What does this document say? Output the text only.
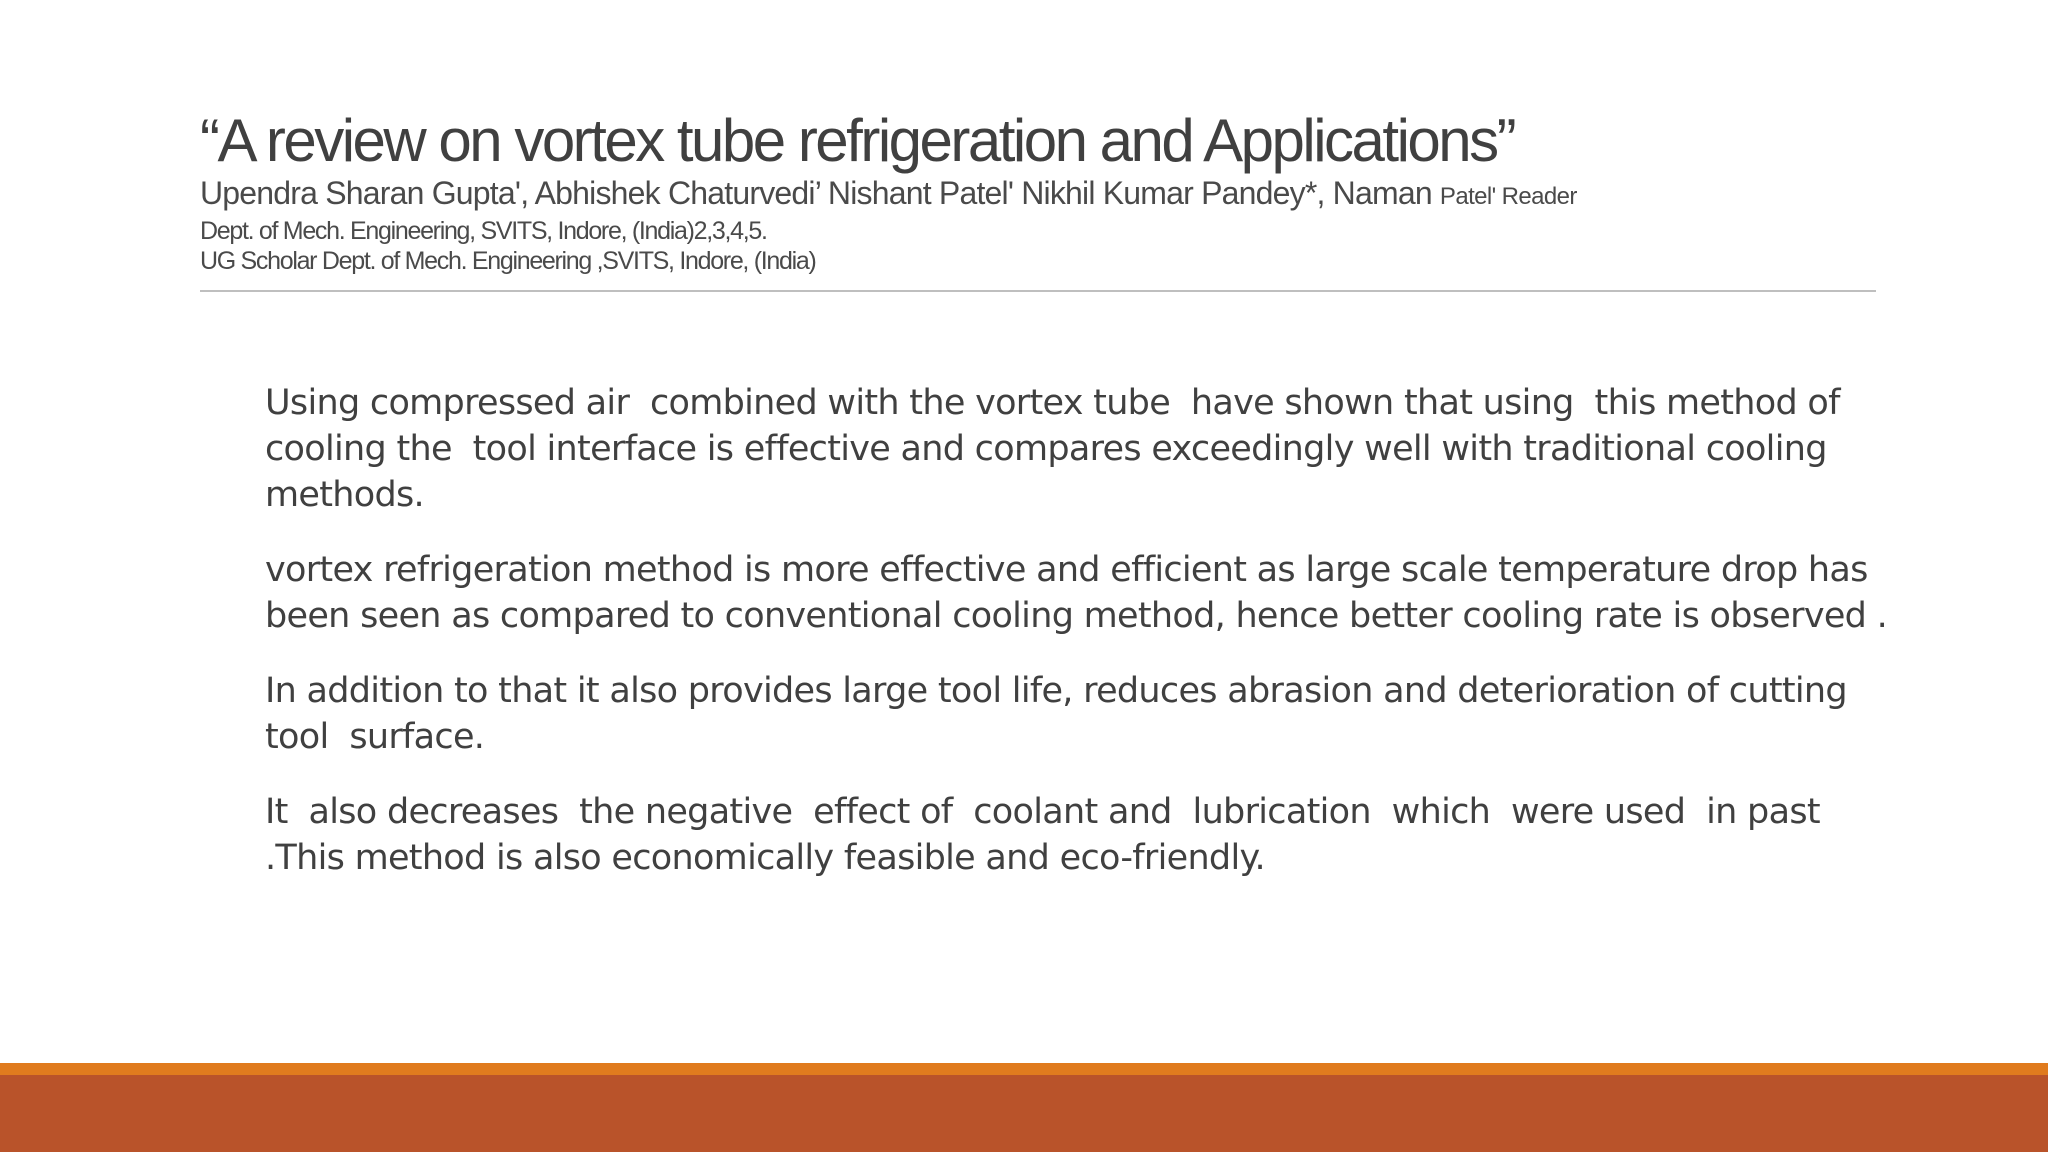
“A review on vortex tube refrigeration and Applications”
Upendra Sharan Gupta', Abhishek Chaturvedi’ Nishant Patel' Nikhil Kumar Pandey*, Naman Patel' Reader
Dept. of Mech. Engineering, SVITS, Indore, (India)2,3,4,5.
UG Scholar Dept. of Mech. Engineering ,SVITS, Indore, (India)

Using compressed air  combined with the vortex tube  have shown that using  this method of
cooling the  tool interface is effective and compares exceedingly well with traditional cooling
methods.

vortex refrigeration method is more effective and efficient as large scale temperature drop has
been seen as compared to conventional cooling method, hence better cooling rate is observed .

In addition to that it also provides large tool life, reduces abrasion and deterioration of cutting
tool  surface.

It  also decreases  the negative  effect of  coolant and  lubrication  which  were used  in past
.This method is also economically feasible and eco-friendly.
